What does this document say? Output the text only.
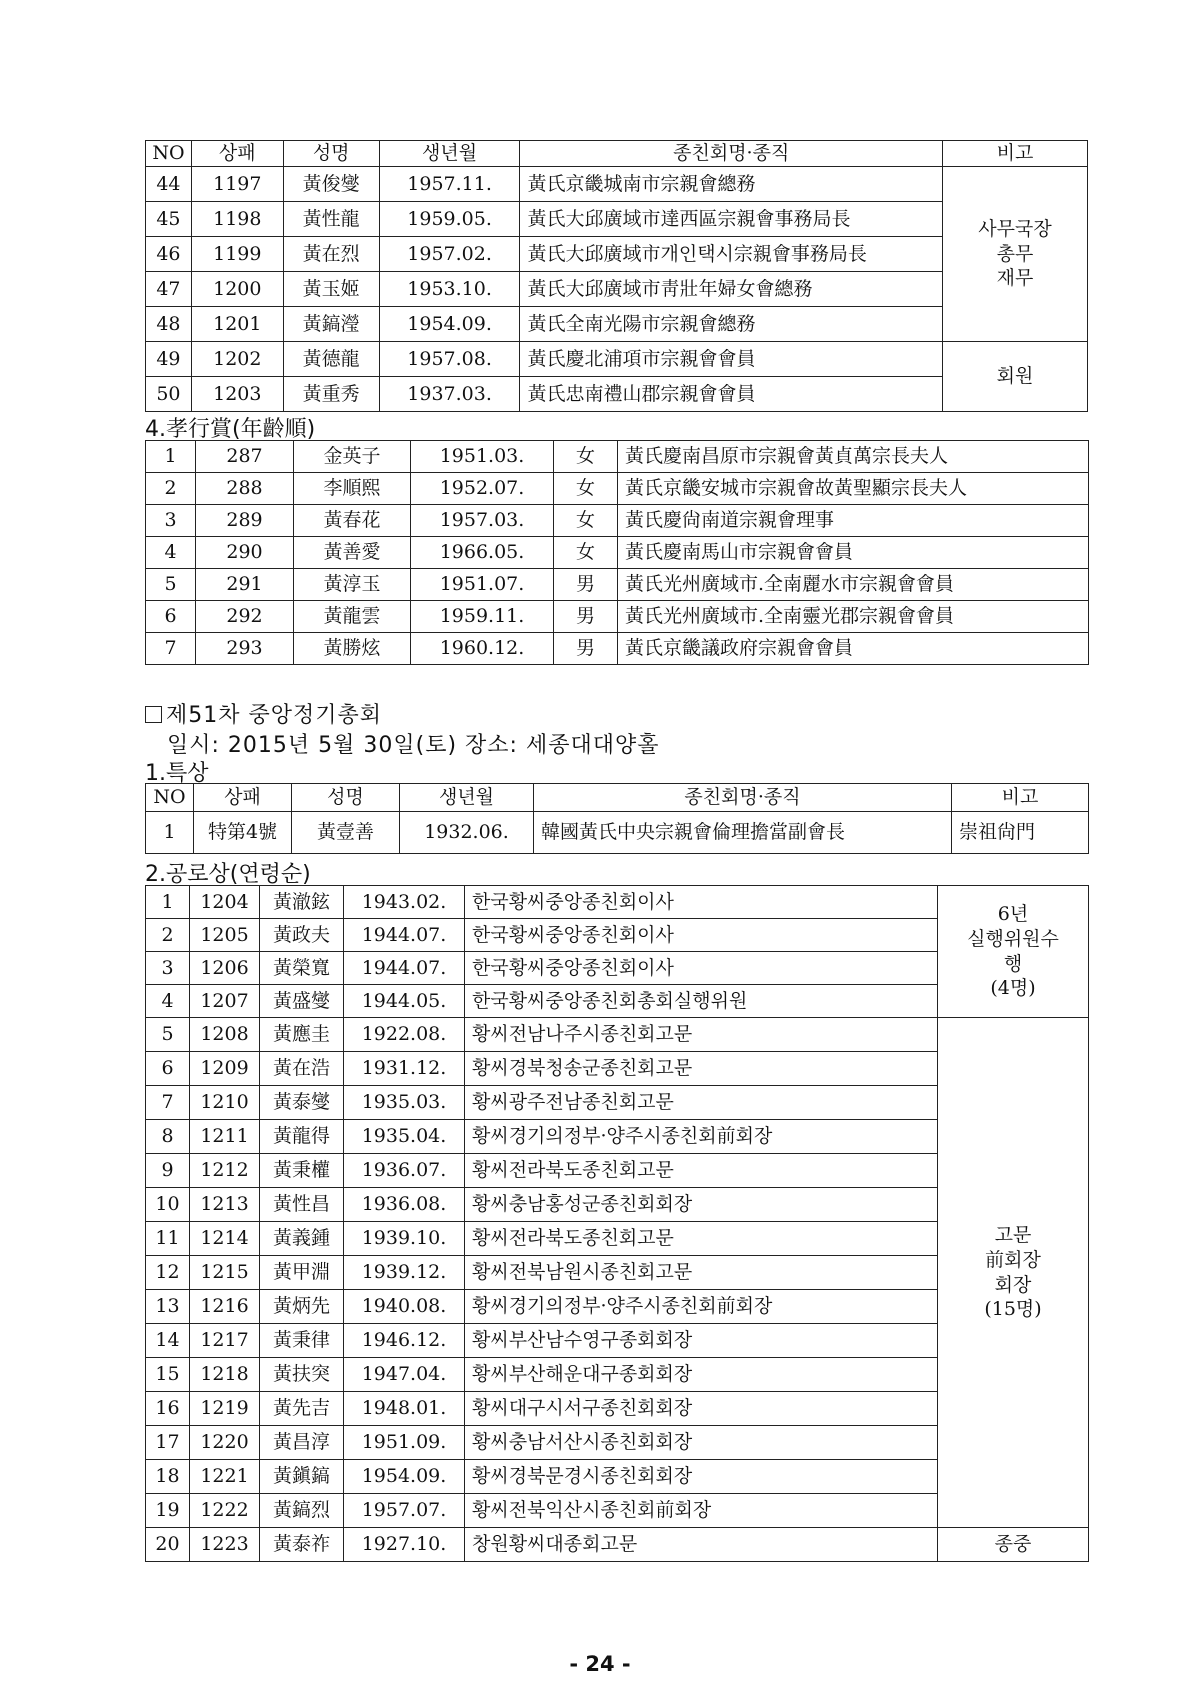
NO	상패	성명	생년월	종친회명·종직	비고
44	1197	黃俊燮	1957.11.	黃氏京畿城南市宗親會總務	사무국장
총무
재무
45	1198	黃性龍	1959.05.	黃氏大邱廣域市達西區宗親會事務局長	
46	1199	黃在烈	1957.02.	黃氏大邱廣域市개인택시宗親會事務局長	
47	1200	黃玉姬	1953.10.	黃氏大邱廣域市靑壯年婦女會總務	
48	1201	黃鎬瀅	1954.09.	黃氏全南光陽市宗親會總務	
49	1202	黃德龍	1957.08.	黃氏慶北浦項市宗親會會員	회원
50	1203	黃重秀	1937.03.	黃氏忠南禮山郡宗親會會員	
4.孝行賞(年齡順)
1	287	金英子	1951.03.	女	黃氏慶南昌原市宗親會黃貞萬宗長夫人
2	288	李順熙	1952.07.	女	黃氏京畿安城市宗親會故黃聖顯宗長夫人
3	289	黃春花	1957.03.	女	黃氏慶尙南道宗親會理事
4	290	黃善愛	1966.05.	女	黃氏慶南馬山市宗親會會員
5	291	黃淳玉	1951.07.	男	黃氏光州廣域市.全南麗水市宗親會會員
6	292	黃龍雲	1959.11.	男	黃氏光州廣域市.全南靈光郡宗親會會員
7	293	黃勝炫	1960.12.	男	黃氏京畿議政府宗親會會員
제51차 중앙정기총회
일시: 2015년 5월 30일(토) 장소: 세종대대양홀
1.특상
NO	상패	성명	생년월	종친회명·종직	비고
1	特第4號	黃壹善	1932.06.	韓國黃氏中央宗親會倫理擔當副會長	崇祖尙門
2.공로상(연령순)
1	1204	黃澈鉉	1943.02.	한국황씨중앙종친회이사	6년
실행위원수
행
(4명)
2	1205	黃政夫	1944.07.	한국황씨중앙종친회이사	
3	1206	黃榮寬	1944.07.	한국황씨중앙종친회이사	
4	1207	黃盛燮	1944.05.	한국황씨중앙종친회총회실행위원	
5	1208	黃應圭	1922.08.	황씨전남나주시종친회고문	고문
前회장
회장
(15명)
6	1209	黃在浩	1931.12.	황씨경북청송군종친회고문	
7	1210	黃泰燮	1935.03.	황씨광주전남종친회고문	
8	1211	黃龍得	1935.04.	황씨경기의정부·양주시종친회前회장	
9	1212	黃秉權	1936.07.	황씨전라북도종친회고문	
10	1213	黃性昌	1936.08.	황씨충남홍성군종친회회장	
11	1214	黃義鍾	1939.10.	황씨전라북도종친회고문	
12	1215	黃甲淵	1939.12.	황씨전북남원시종친회고문	
13	1216	黃炳先	1940.08.	황씨경기의정부·양주시종친회前회장	
14	1217	黃秉律	1946.12.	황씨부산남수영구종회회장	
15	1218	黃扶突	1947.04.	황씨부산해운대구종회회장	
16	1219	黃先吉	1948.01.	황씨대구시서구종친회회장	
17	1220	黃昌淳	1951.09.	황씨충남서산시종친회회장	
18	1221	黃鎭鎬	1954.09.	황씨경북문경시종친회회장	
19	1222	黃鎬烈	1957.07.	황씨전북익산시종친회前회장	
20	1223	黃泰祚	1927.10.	창원황씨대종회고문	종중
- 24 -
